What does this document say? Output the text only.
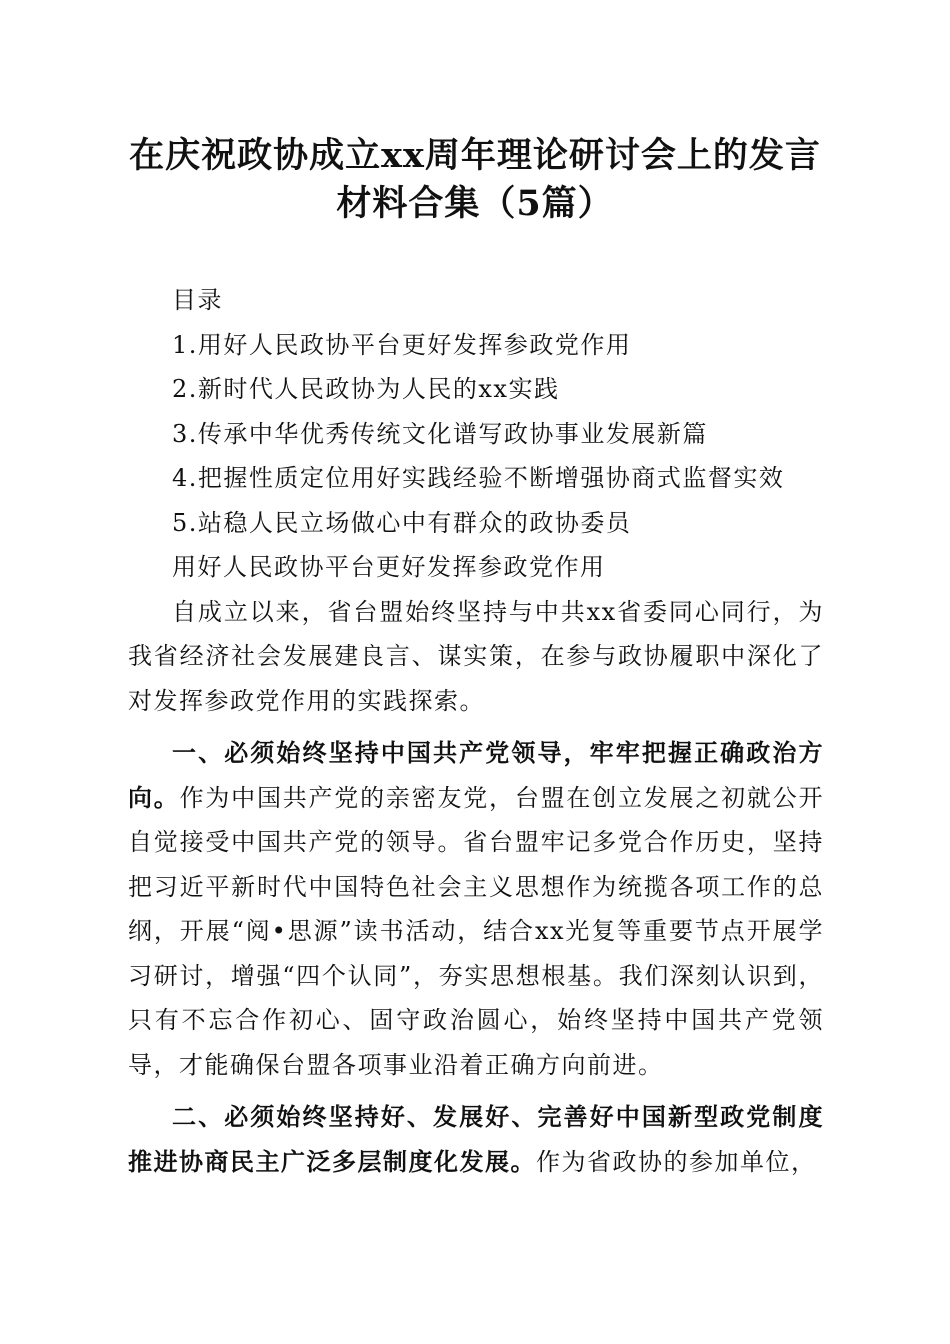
在庆祝政协成立xx周年理论研讨会上的发言
材料合集（5篇）
目录
1.用好人民政协平台更好发挥参政党作用
2.新时代人民政协为人民的xx实践
3.传承中华优秀传统文化谱写政协事业发展新篇
4.把握性质定位用好实践经验不断增强协商式监督实效
5.站稳人民立场做心中有群众的政协委员
用好人民政协平台更好发挥参政党作用

自成立以来，省台盟始终坚持与中共xx省委同心同行，为我省经济社会发展建良言、谋实策，在参与政协履职中深化了对发挥参政党作用的实践探索。

一、必须始终坚持中国共产党领导，牢牢把握正确政治方向。作为中国共产党的亲密友党，台盟在创立发展之初就公开自觉接受中国共产党的领导。省台盟牢记多党合作历史，坚持把习近平新时代中国特色社会主义思想作为统揽各项工作的总纲，开展“阅•思源”读书活动，结合xx光复等重要节点开展学习研讨，增强“四个认同”，夯实思想根基。我们深刻认识到，只有不忘合作初心、固守政治圆心，始终坚持中国共产党领导，才能确保台盟各项事业沿着正确方向前进。

二、必须始终坚持好、发展好、完善好中国新型政党制度推进协商民主广泛多层制度化发展。作为省政协的参加单位，
